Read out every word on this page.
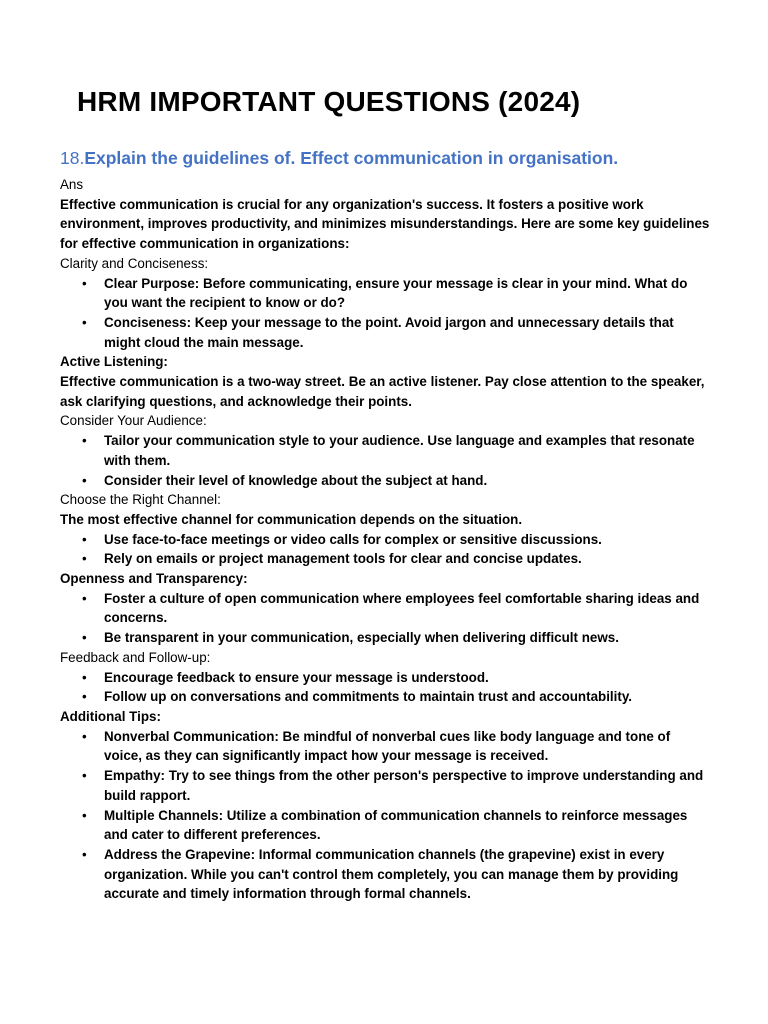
HRM IMPORTANT QUESTIONS (2024)
18.Explain the guidelines of. Effect communication in organisation.

Ans

Effective communication is crucial for any organization's success. It fosters a positive work environment, improves productivity, and minimizes misunderstandings. Here are some key guidelines for effective communication in organizations:

Clarity and Conciseness:

• Clear Purpose: Before communicating, ensure your message is clear in your mind. What do you want the recipient to know or do?
• Conciseness: Keep your message to the point. Avoid jargon and unnecessary details that might cloud the main message.

Active Listening:

Effective communication is a two-way street. Be an active listener. Pay close attention to the speaker, ask clarifying questions, and acknowledge their points.

Consider Your Audience:

• Tailor your communication style to your audience. Use language and examples that resonate with them.
• Consider their level of knowledge about the subject at hand.

Choose the Right Channel:

The most effective channel for communication depends on the situation.

• Use face-to-face meetings or video calls for complex or sensitive discussions.
• Rely on emails or project management tools for clear and concise updates.

Openness and Transparency:

• Foster a culture of open communication where employees feel comfortable sharing ideas and concerns.
• Be transparent in your communication, especially when delivering difficult news.

Feedback and Follow-up:

• Encourage feedback to ensure your message is understood.
• Follow up on conversations and commitments to maintain trust and accountability.

Additional Tips:

• Nonverbal Communication: Be mindful of nonverbal cues like body language and tone of voice, as they can significantly impact how your message is received.
• Empathy: Try to see things from the other person's perspective to improve understanding and build rapport.
• Multiple Channels: Utilize a combination of communication channels to reinforce messages and cater to different preferences.
• Address the Grapevine: Informal communication channels (the grapevine) exist in every organization. While you can't control them completely, you can manage them by providing accurate and timely information through formal channels.
